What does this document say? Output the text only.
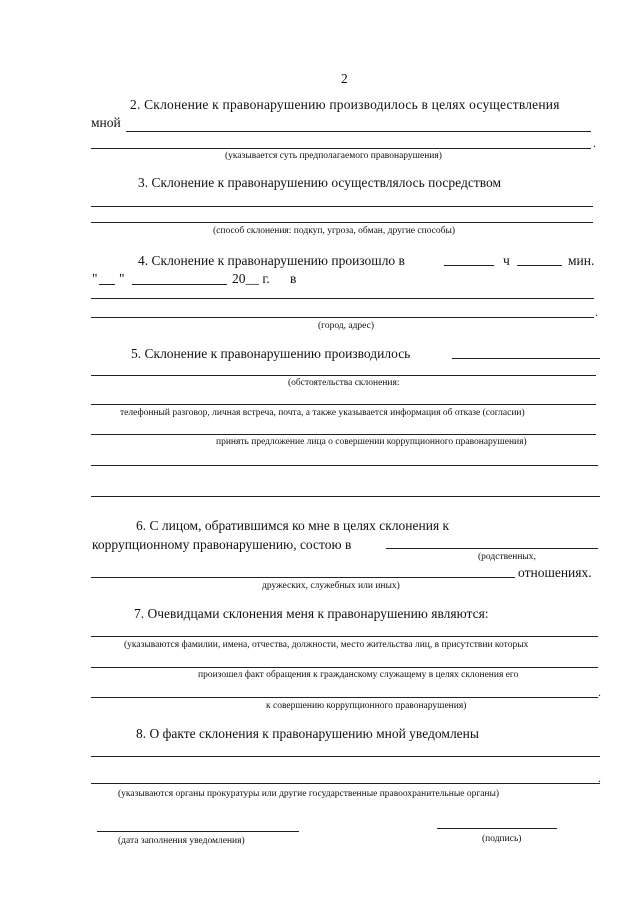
2
2. Склонение к правонарушению производилось в целях осуществления
мной
.
(указывается суть предполагаемого правонарушения)
3. Склонение к правонарушению осуществлялось посредством
(способ склонения: подкуп, угроза, обман, другие способы)
4. Склонение к правонарушению произошло в	ч	мин.
" "	20__ г. в
.
(город, адрес)
5. Склонение к правонарушению производилось
(обстоятельства склонения:
телефонный разговор, личная встреча, почта, а также указывается информация об отказе (согласии)
принять предложение лица о совершении коррупционного правонарушения)
6. С лицом, обратившимся ко мне в целях склонения к
коррупционному правонарушению, состою в
(родственных,
отношениях.
дружеских, служебных или иных)
7. Очевидцами склонения меня к правонарушению являются:
(указываются фамилии, имена, отчества, должности, место жительства лиц, в присутствии которых
произошел факт обращения к гражданскому служащему в целях склонения его
.
к совершению коррупционного правонарушения)
8. О факте склонения к правонарушению мной уведомлены
.
(указываются органы прокуратуры или другие государственные правоохранительные органы)
(дата заполнения уведомления)	(подпись)
